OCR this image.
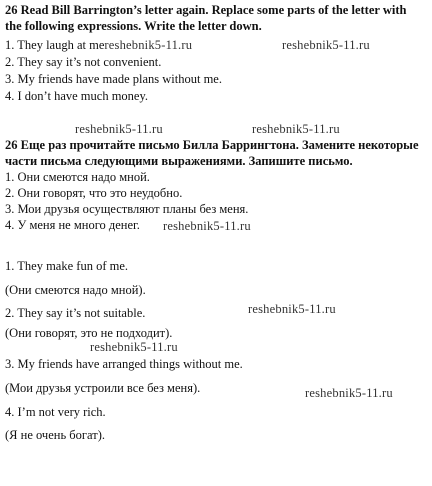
26 Read Bill Barrington’s letter again. Replace some parts of the letter with
the following expressions. Write the letter down.
1. They laugh at mereshebnik5-11.ru	reshebnik5-11.ru
2. They say it’s not convenient.
3. My friends have made plans without me.
4. I don’t have much money.
reshebnik5-11.ru	reshebnik5-11.ru
26 Еще раз прочитайте письмо Билла Баррингтона. Замените некоторые
части письма следующими выражениями. Запишите письмо.
1. Они смеются надо мной.
2. Они говорят, что это неудобно.
3. Мои друзья осуществляют планы без меня.
4. У меня не много денег. reshebnik5-11.ru
1. They make fun of me.
(Они смеются надо мной).
2. They say it’s not suitable.	reshebnik5-11.ru
(Они говорят, это не подходит).
reshebnik5-11.ru
3. My friends have arranged things without me.
(Мои друзья устроили все без меня).	reshebnik5-11.ru
4. I’m not very rich.
(Я не очень богат).
